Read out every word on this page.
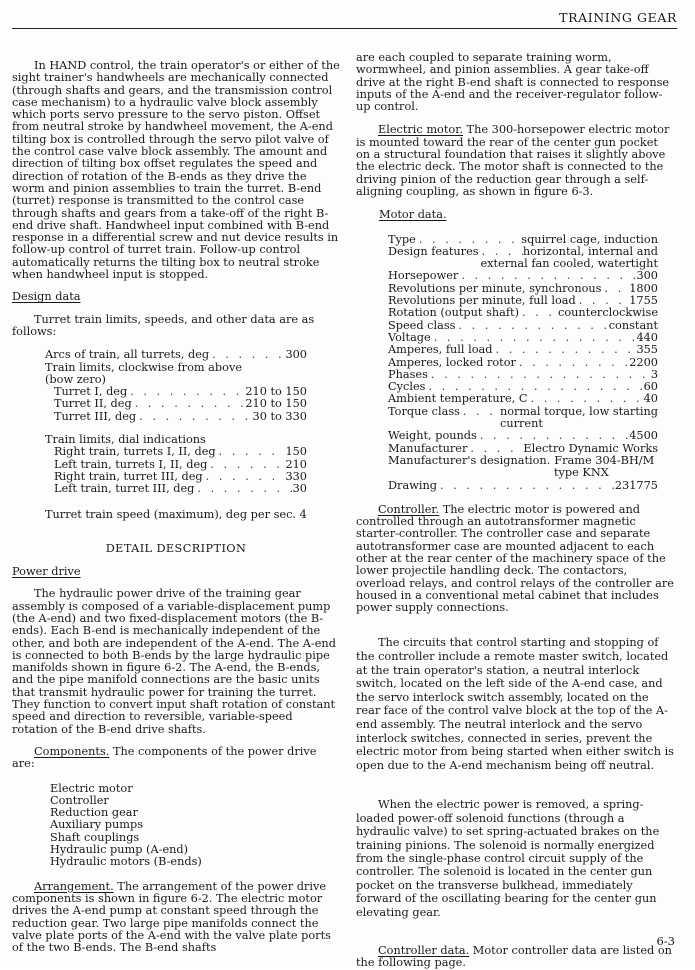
TRAINING GEAR

In HAND control, the train operator's or either of the sight trainer's handwheels are mechanically connected (through shafts and gears, and the transmission control case mechanism) to a hydraulic valve block assembly which ports servo pressure to the servo piston. Offset from neutral stroke by handwheel movement, the A-end tilting box is controlled through the servo pilot valve of the control case valve block assembly. The amount and direction of tilting box offset regulates the speed and direction of rotation of the B-ends as they drive the worm and pinion assemblies to train the turret. B-end (turret) response is transmitted to the control case through shafts and gears from a take-off of the right B-end drive shaft. Handwheel input combined with B-end response in a differential screw and nut device results in follow-up control of turret train. Follow-up control automatically returns the tilting box to neutral stroke when handwheel input is stopped.

Design data

Turret train limits, speeds, and other data are as follows:

Arcs of train, all turrets, deg . . .	300
Train limits, clockwise from above
(bow zero)
Turret I, deg . . .	210 to 150
Turret II, deg . . .	210 to 150
Turret III, deg . . .	30 to 330
Train limits, dial indications
Right train, turrets I, II, deg . . .	150
Left train, turrets I, II, deg . . .	210
Right train, turret III, deg . . .	330
Left train, turret III, deg . . .	30
Turret train speed (maximum), deg per sec. 4

DETAIL DESCRIPTION

Power drive

The hydraulic power drive of the training gear assembly is composed of a variable-displacement pump (the A-end) and two fixed-displacement motors (the B-ends). Each B-end is mechanically independent of the other, and both are independent of the A-end. The A-end is connected to both B-ends by the large hydraulic pipe manifolds shown in figure 6-2. The A-end, the B-ends, and the pipe manifold connections are the basic units that transmit hydraulic power for training the turret. They function to convert input shaft rotation of constant speed and direction to reversible, variable-speed rotation of the B-end drive shafts.

Components. The components of the power drive are:

Electric motor
Controller
Reduction gear
Auxiliary pumps
Shaft couplings
Hydraulic pump (A-end)
Hydraulic motors (B-ends)

Arrangement. The arrangement of the power drive components is shown in figure 6-2. The electric motor drives the A-end pump at constant speed through the reduction gear. Two large pipe manifolds connect the valve plate ports of the A-end with the valve plate ports of the two B-ends. The B-end shafts

are each coupled to separate training worm, wormwheel, and pinion assemblies. A gear take-off drive at the right B-end shaft is connected to response inputs of the A-end and the receiver-regulator follow-up control.

Electric motor. The 300-horsepower electric motor is mounted toward the rear of the center gun pocket on a structural foundation that raises it slightly above the electric deck. The motor shaft is connected to the driving pinion of the reduction gear through a self-aligning coupling, as shown in figure 6-3.

Motor data.

Type . . .	squirrel cage, induction
Design features . . .	horizontal, internal and
external fan cooled, watertight
Horsepower . . .	300
Revolutions per minute, synchronous . . . 1800
Revolutions per minute, full load . . .	1755
Rotation (output shaft) . . .	counterclockwise
Speed class . . .	constant
Voltage . . .	440
Amperes, full load . . .	355
Amperes, locked rotor . . .	2200
Phases . . .	3
Cycles . . .	60
Ambient temperature, C . . .	40
Torque class . . .	normal torque, low starting
current
Weight, pounds . . .	4500
Manufacturer . . .	Electro Dynamic Works
Manufacturer's designation. Frame 304-BH/M
type KNX
Drawing . . .	231775

Controller. The electric motor is powered and controlled through an autotransformer magnetic starter-controller. The controller case and separate autotransformer case are mounted adjacent to each other at the rear center of the machinery space of the lower projectile handling deck. The contactors, overload relays, and control relays of the controller are housed in a conventional metal cabinet that includes power supply connections.

The circuits that control starting and stopping of the controller include a remote master switch, located at the train operator's station, a neutral interlock switch, located on the left side of the A-end case, and the servo interlock switch assembly, located on the rear face of the control valve block at the top of the A-end assembly. The neutral interlock and the servo interlock switches, connected in series, prevent the electric motor from being started when either switch is open due to the A-end mechanism being off neutral.

When the electric power is removed, a spring-loaded power-off solenoid functions (through a hydraulic valve) to set spring-actuated brakes on the training pinions. The solenoid is normally energized from the single-phase control circuit supply of the controller. The solenoid is located in the center gun pocket on the transverse bulkhead, immediately forward of the oscillating bearing for the center gun elevating gear.

Controller data. Motor controller data are listed on the following page.

6-3
